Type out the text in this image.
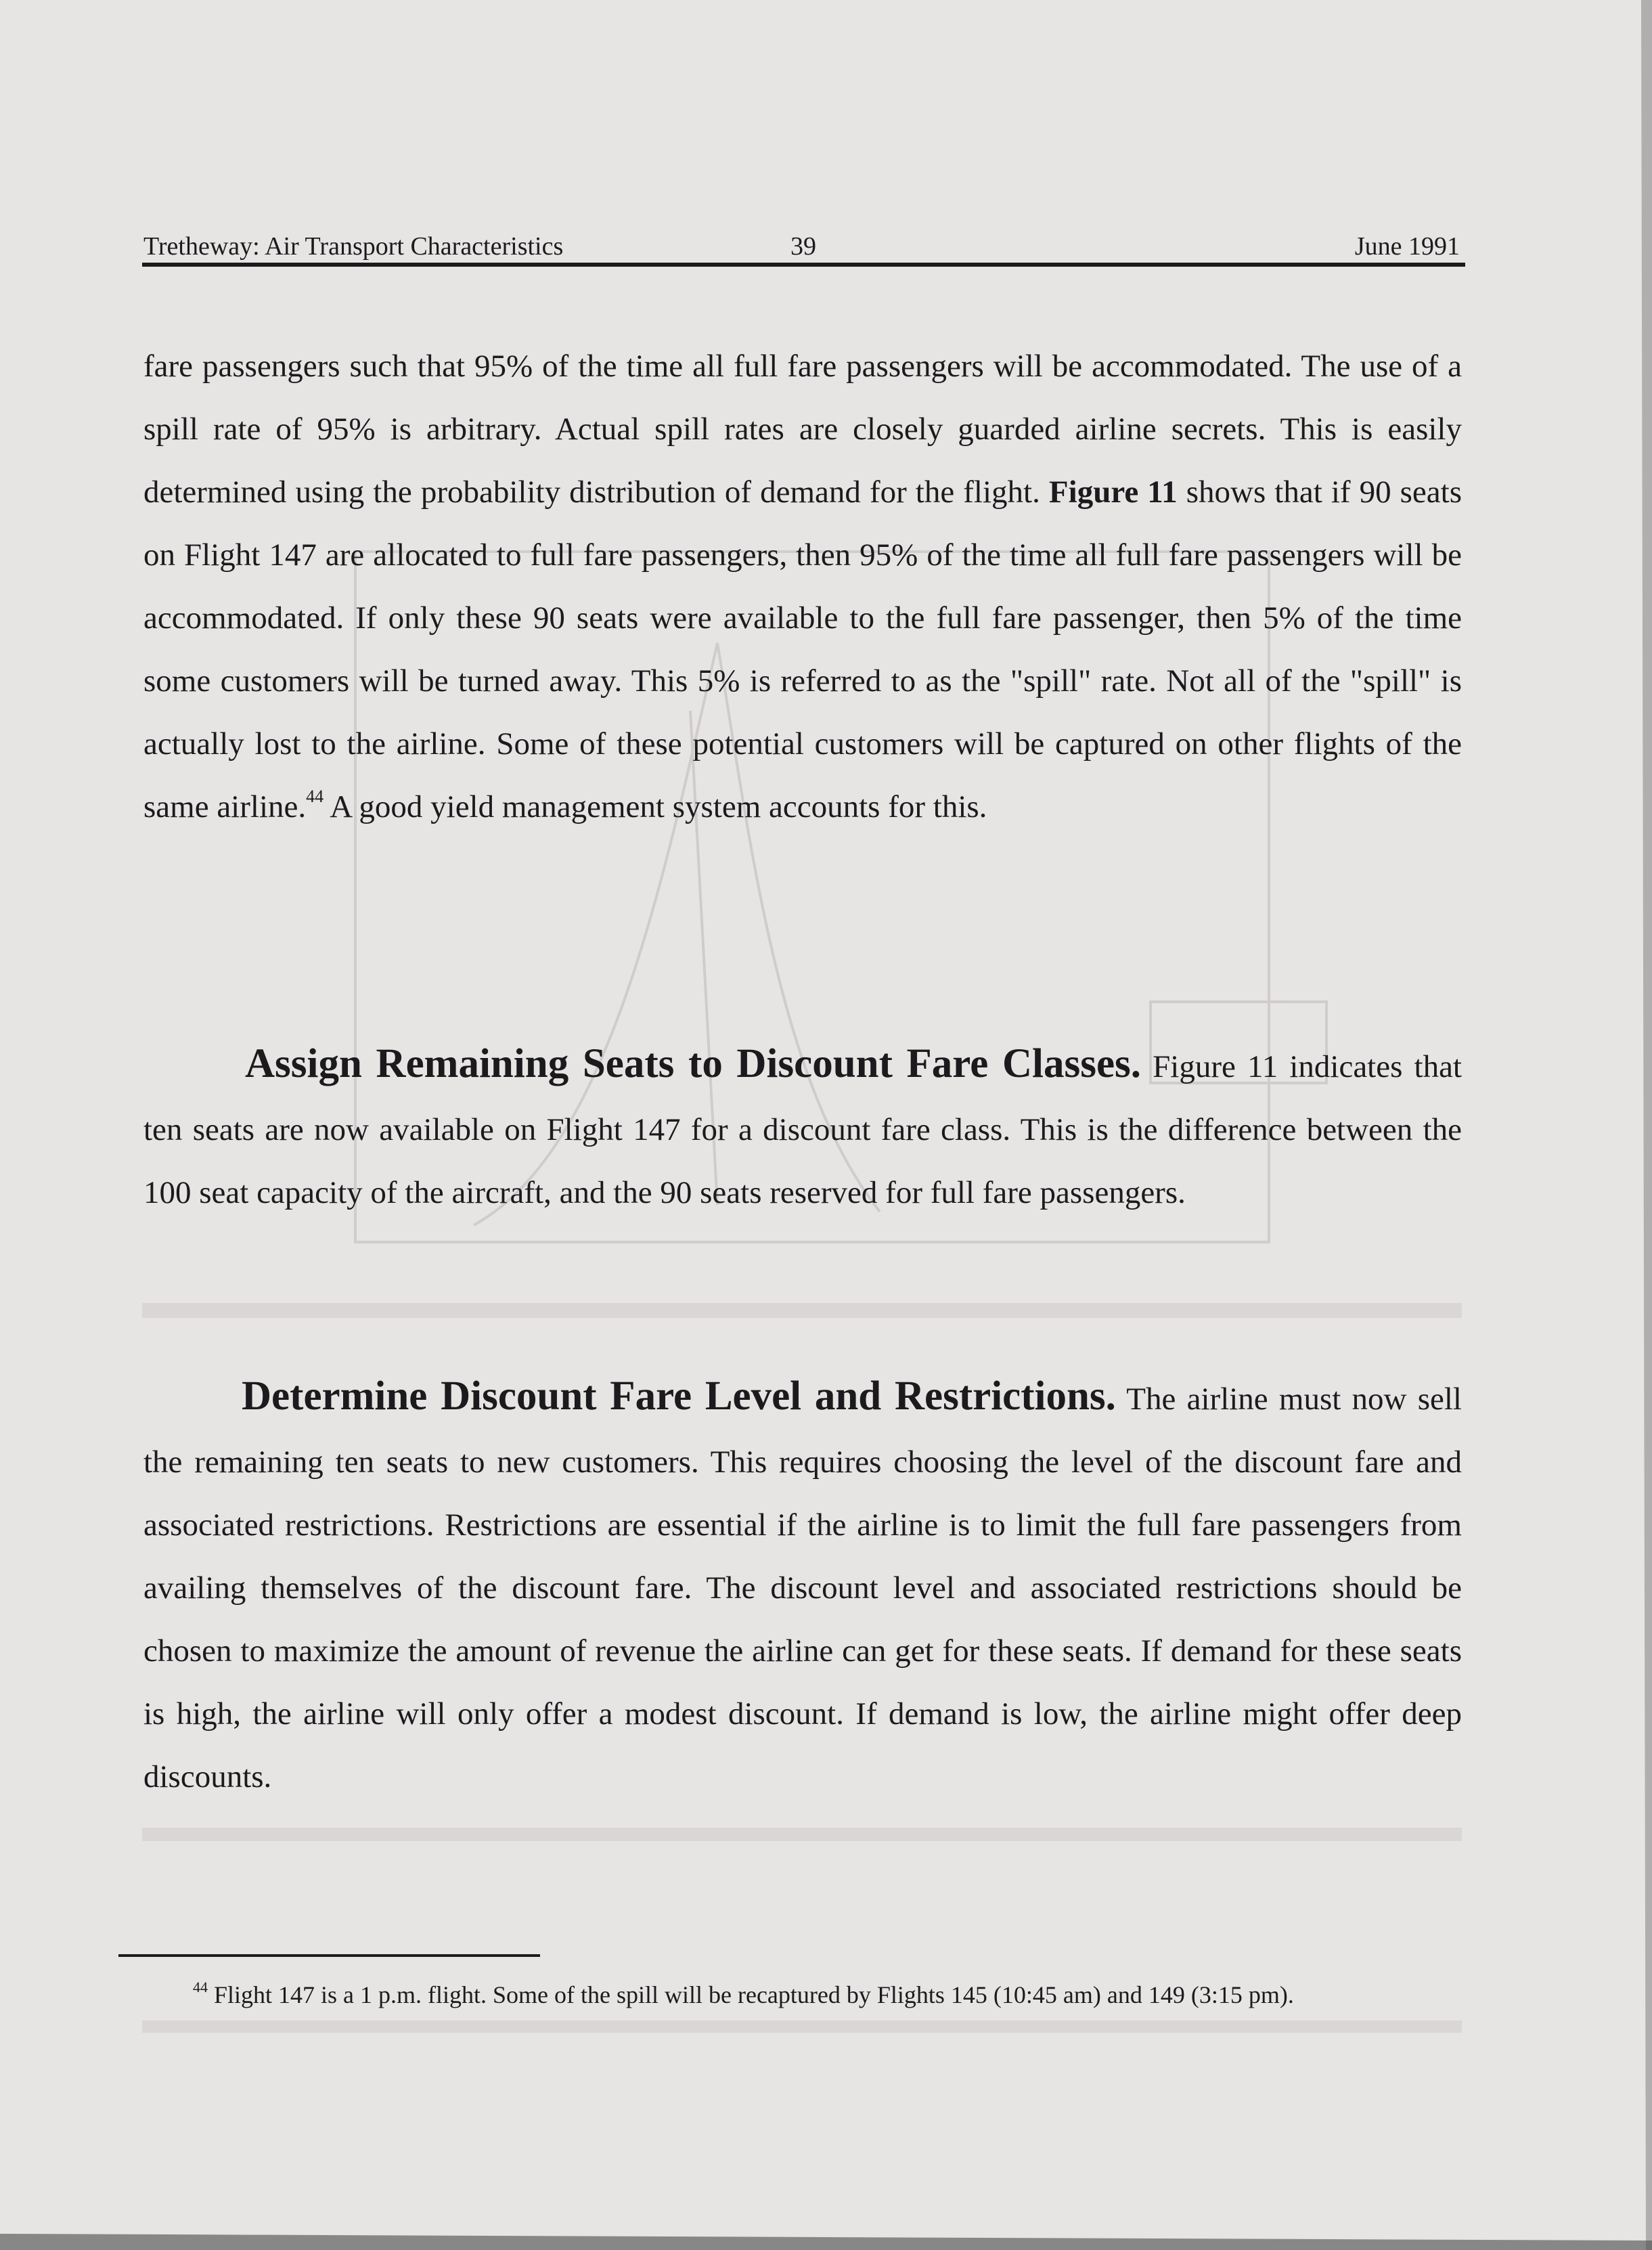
Tretheway: Air Transport Characteristics	39	June 1991

fare passengers such that 95% of the time all full fare passengers will be accommodated. The use of a spill rate of 95% is arbitrary. Actual spill rates are closely guarded airline secrets. This is easily determined using the probability distribution of demand for the flight. Figure 11 shows that if 90 seats on Flight 147 are allocated to full fare passengers, then 95% of the time all full fare passengers will be accommodated. If only these 90 seats were available to the full fare passenger, then 5% of the time some customers will be turned away. This 5% is referred to as the "spill" rate. Not all of the "spill" is actually lost to the airline. Some of these potential customers will be captured on other flights of the same airline.$^{44}$ A good yield management system accounts for this.

Assign Remaining Seats to Discount Fare Classes. Figure 11 indicates that ten seats are now available on Flight 147 for a discount fare class. This is the difference between the 100 seat capacity of the aircraft, and the 90 seats reserved for full fare passengers.

Determine Discount Fare Level and Restrictions. The airline must now sell the remaining ten seats to new customers. This requires choosing the level of the discount fare and associated restrictions. Restrictions are essential if the airline is to limit the full fare passengers from availing themselves of the discount fare. The discount level and associated restrictions should be chosen to maximize the amount of revenue the airline can get for these seats. If demand for these seats is high, the airline will only offer a modest discount. If demand is low, the airline might offer deep discounts.

$^{44}$ Flight 147 is a 1 p.m. flight. Some of the spill will be recaptured by Flights 145 (10:45 am) and 149 (3:15 pm).
